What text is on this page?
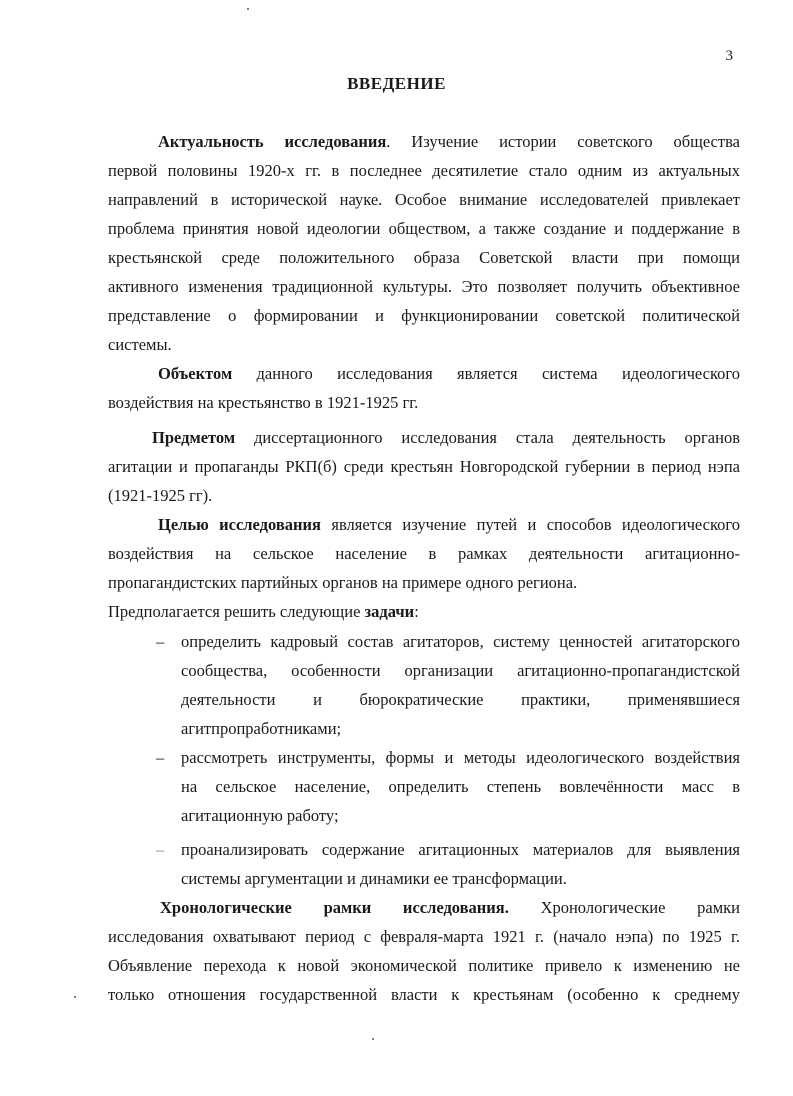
3
ВВЕДЕНИЕ
Актуальность исследования. Изучение истории советского общества
первой половины 1920-х гг. в последнее десятилетие стало одним из актуальных
направлений в исторической науке. Особое внимание исследователей привлекает
проблема принятия новой идеологии обществом, а также создание и поддержание в
крестьянской среде положительного образа Советской власти при помощи
активного изменения традиционной культуры. Это позволяет получить объективное
представление о формировании и функционировании советской политической
системы.
Объектом данного исследования является система идеологического
воздействия на крестьянство в 1921-1925 гг.
Предметом диссертационного исследования стала деятельность органов
агитации и пропаганды РКП(б) среди крестьян Новгородской губернии в период нэпа
(1921-1925 гг).
Целью исследования является изучение путей и способов идеологического
воздействия на сельское население в рамках деятельности агитационно-
пропагандистских партийных органов на примере одного региона.
Предполагается решить следующие задачи:
– определить кадровый состав агитаторов, систему ценностей агитаторского
сообщества, особенности организации агитационно-пропагандистской
деятельности и бюрократические практики, применявшиеся
агитпропработниками;
– рассмотреть инструменты, формы и методы идеологического воздействия
на сельское население, определить степень вовлечённости масс в
агитационную работу;
– проанализировать содержание агитационных материалов для выявления
системы аргументации и динамики ее трансформации.
Хронологические рамки исследования. Хронологические рамки
исследования охватывают период с февраля-марта 1921 г. (начало нэпа) по 1925 г.
Объявление перехода к новой экономической политике привело к изменению не
только отношения государственной власти к крестьянам (особенно к среднему
